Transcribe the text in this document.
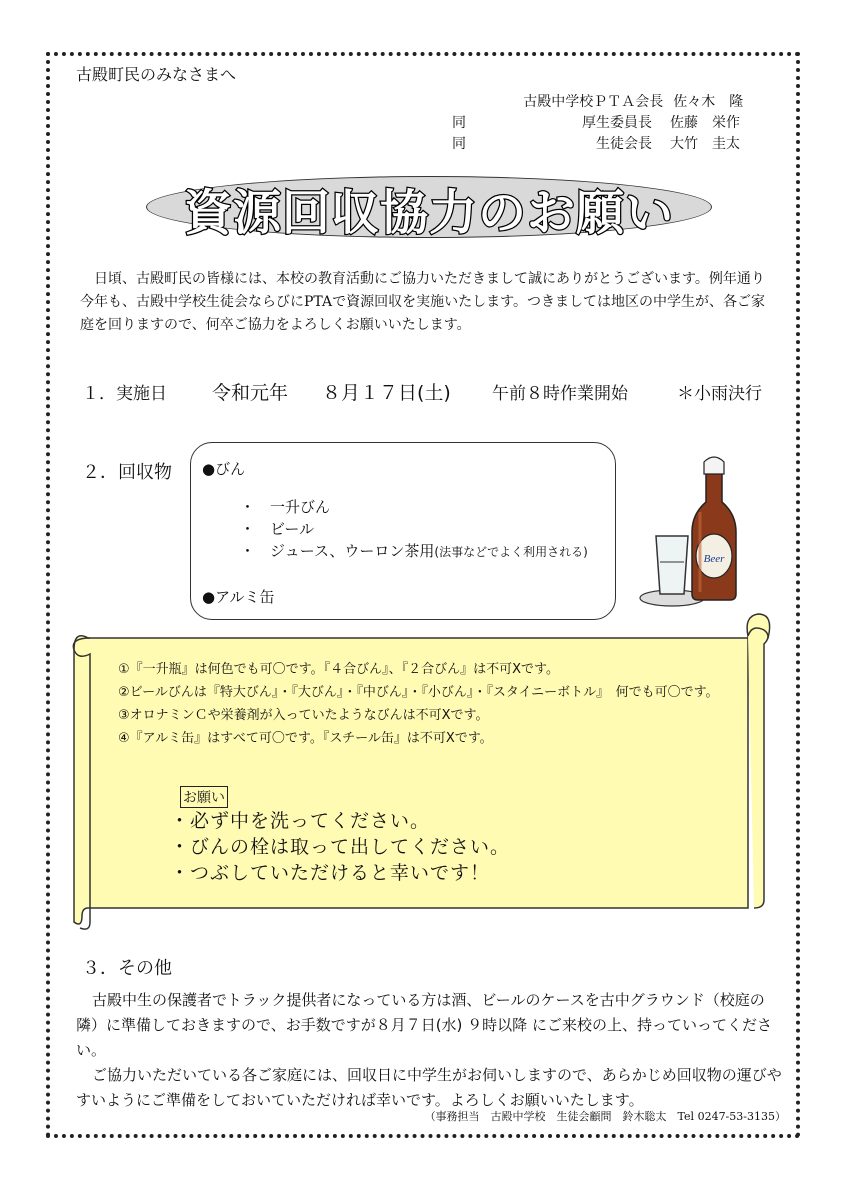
古殿町民のみなさまへ
古殿中学校ＰＴＡ会長 佐々木　隆
同	厚生委員長	佐藤　栄作
同	生徒会長	大竹　圭太
資源回収協力のお願い

日頃、古殿町民の皆様には、本校の教育活動にご協力いただきまして誠にありがとうございます。例年通り今年も、古殿中学校生徒会ならびにPTAで資源回収を実施いたします。つきましては地区の中学生が、各ご家庭を回りますので、何卒ご協力をよろしくお願いいたします。

１．実施日	令和元年	８月１７日(土)	午前８時作業開始	＊小雨決行
２．回収物 ●びん
・　一升びん
・　ビール
・　ジュース、ウーロン茶用(法事などでよく利用される)
●アルミ缶
Beer
①『一升瓶』は何色でも可〇です。『４合びん』、『２合びん』は不可Xです。
②ビールびんは『特大びん』・『大びん』・『中びん』・『小びん』・『スタイニーボトル』　何でも可〇です。
③オロナミンＣや栄養剤が入っていたようなびんは不可Xです。
④『アルミ缶』はすべて可〇です。『スチール缶』は不可Xです。
お願い
・必ず中を洗ってください。
・びんの栓は取って出してください。
・つぶしていただけると幸いです！
３．その他

古殿中生の保護者でトラック提供者になっている方は酒、ビールのケースを古中グラウンド（校庭の隣）に準備しておきますので、お手数ですが８月７日(水) ９時以降 にご来校の上、持っていってください。

ご協力いただいている各ご家庭には、回収日に中学生がお伺いしますので、あらかじめ回収物の運びやすいようにご準備をしておいていただければ幸いです。よろしくお願いいたします。

（事務担当　古殿中学校　生徒会顧問　鈴木聡太　Tel 0247-53-3135）
